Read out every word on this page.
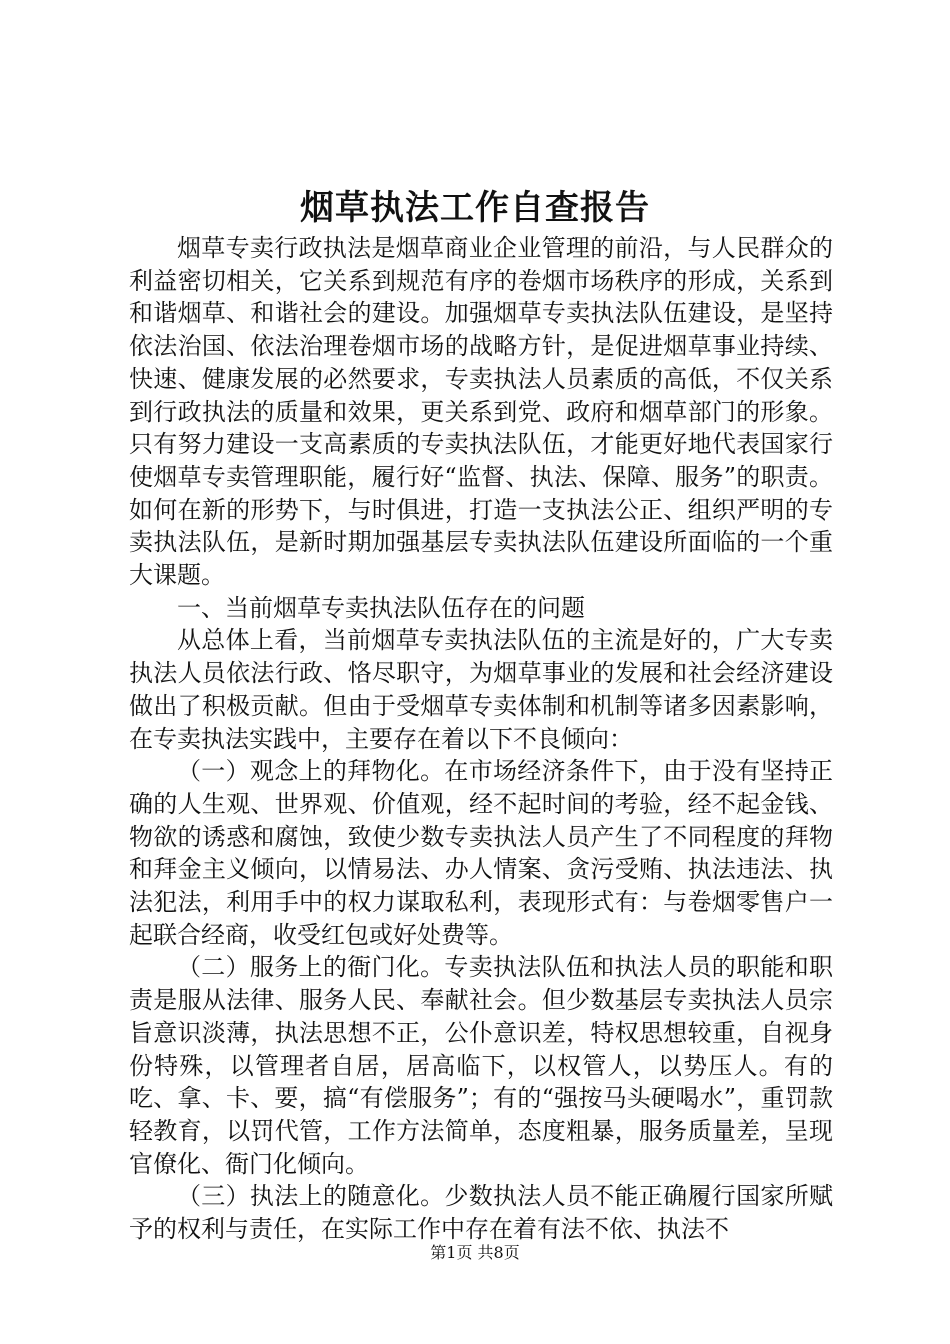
烟草执法工作自查报告

烟草专卖行政执法是烟草商业企业管理的前沿，与人民群众的利益密切相关，它关系到规范有序的卷烟市场秩序的形成，关系到和谐烟草、和谐社会的建设。加强烟草专卖执法队伍建设，是坚持依法治国、依法治理卷烟市场的战略方针，是促进烟草事业持续、快速、健康发展的必然要求，专卖执法人员素质的高低，不仅关系到行政执法的质量和效果，更关系到党、政府和烟草部门的形象。只有努力建设一支高素质的专卖执法队伍，才能更好地代表国家行使烟草专卖管理职能，履行好“监督、执法、保障、服务”的职责。如何在新的形势下，与时俱进，打造一支执法公正、组织严明的专卖执法队伍，是新时期加强基层专卖执法队伍建设所面临的一个重大课题。

一、当前烟草专卖执法队伍存在的问题

从总体上看，当前烟草专卖执法队伍的主流是好的，广大专卖执法人员依法行政、恪尽职守，为烟草事业的发展和社会经济建设做出了积极贡献。但由于受烟草专卖体制和机制等诸多因素影响，在专卖执法实践中，主要存在着以下不良倾向：

（一）观念上的拜物化。在市场经济条件下，由于没有坚持正确的人生观、世界观、价值观，经不起时间的考验，经不起金钱、物欲的诱惑和腐蚀，致使少数专卖执法人员产生了不同程度的拜物和拜金主义倾向，以情易法、办人情案、贪污受贿、执法违法、执法犯法，利用手中的权力谋取私利，表现形式有：与卷烟零售户一起联合经商，收受红包或好处费等。

（二）服务上的衙门化。专卖执法队伍和执法人员的职能和职责是服从法律、服务人民、奉献社会。但少数基层专卖执法人员宗旨意识淡薄，执法思想不正，公仆意识差，特权思想较重，自视身份特殊，以管理者自居，居高临下，以权管人，以势压人。有的吃、拿、卡、要，搞“有偿服务”；有的“强按马头硬喝水”，重罚款轻教育，以罚代管，工作方法简单，态度粗暴，服务质量差，呈现官僚化、衙门化倾向。

（三）执法上的随意化。少数执法人员不能正确履行国家所赋予的权利与责任，在实际工作中存在着有法不依、执法不

第1页 共8页
